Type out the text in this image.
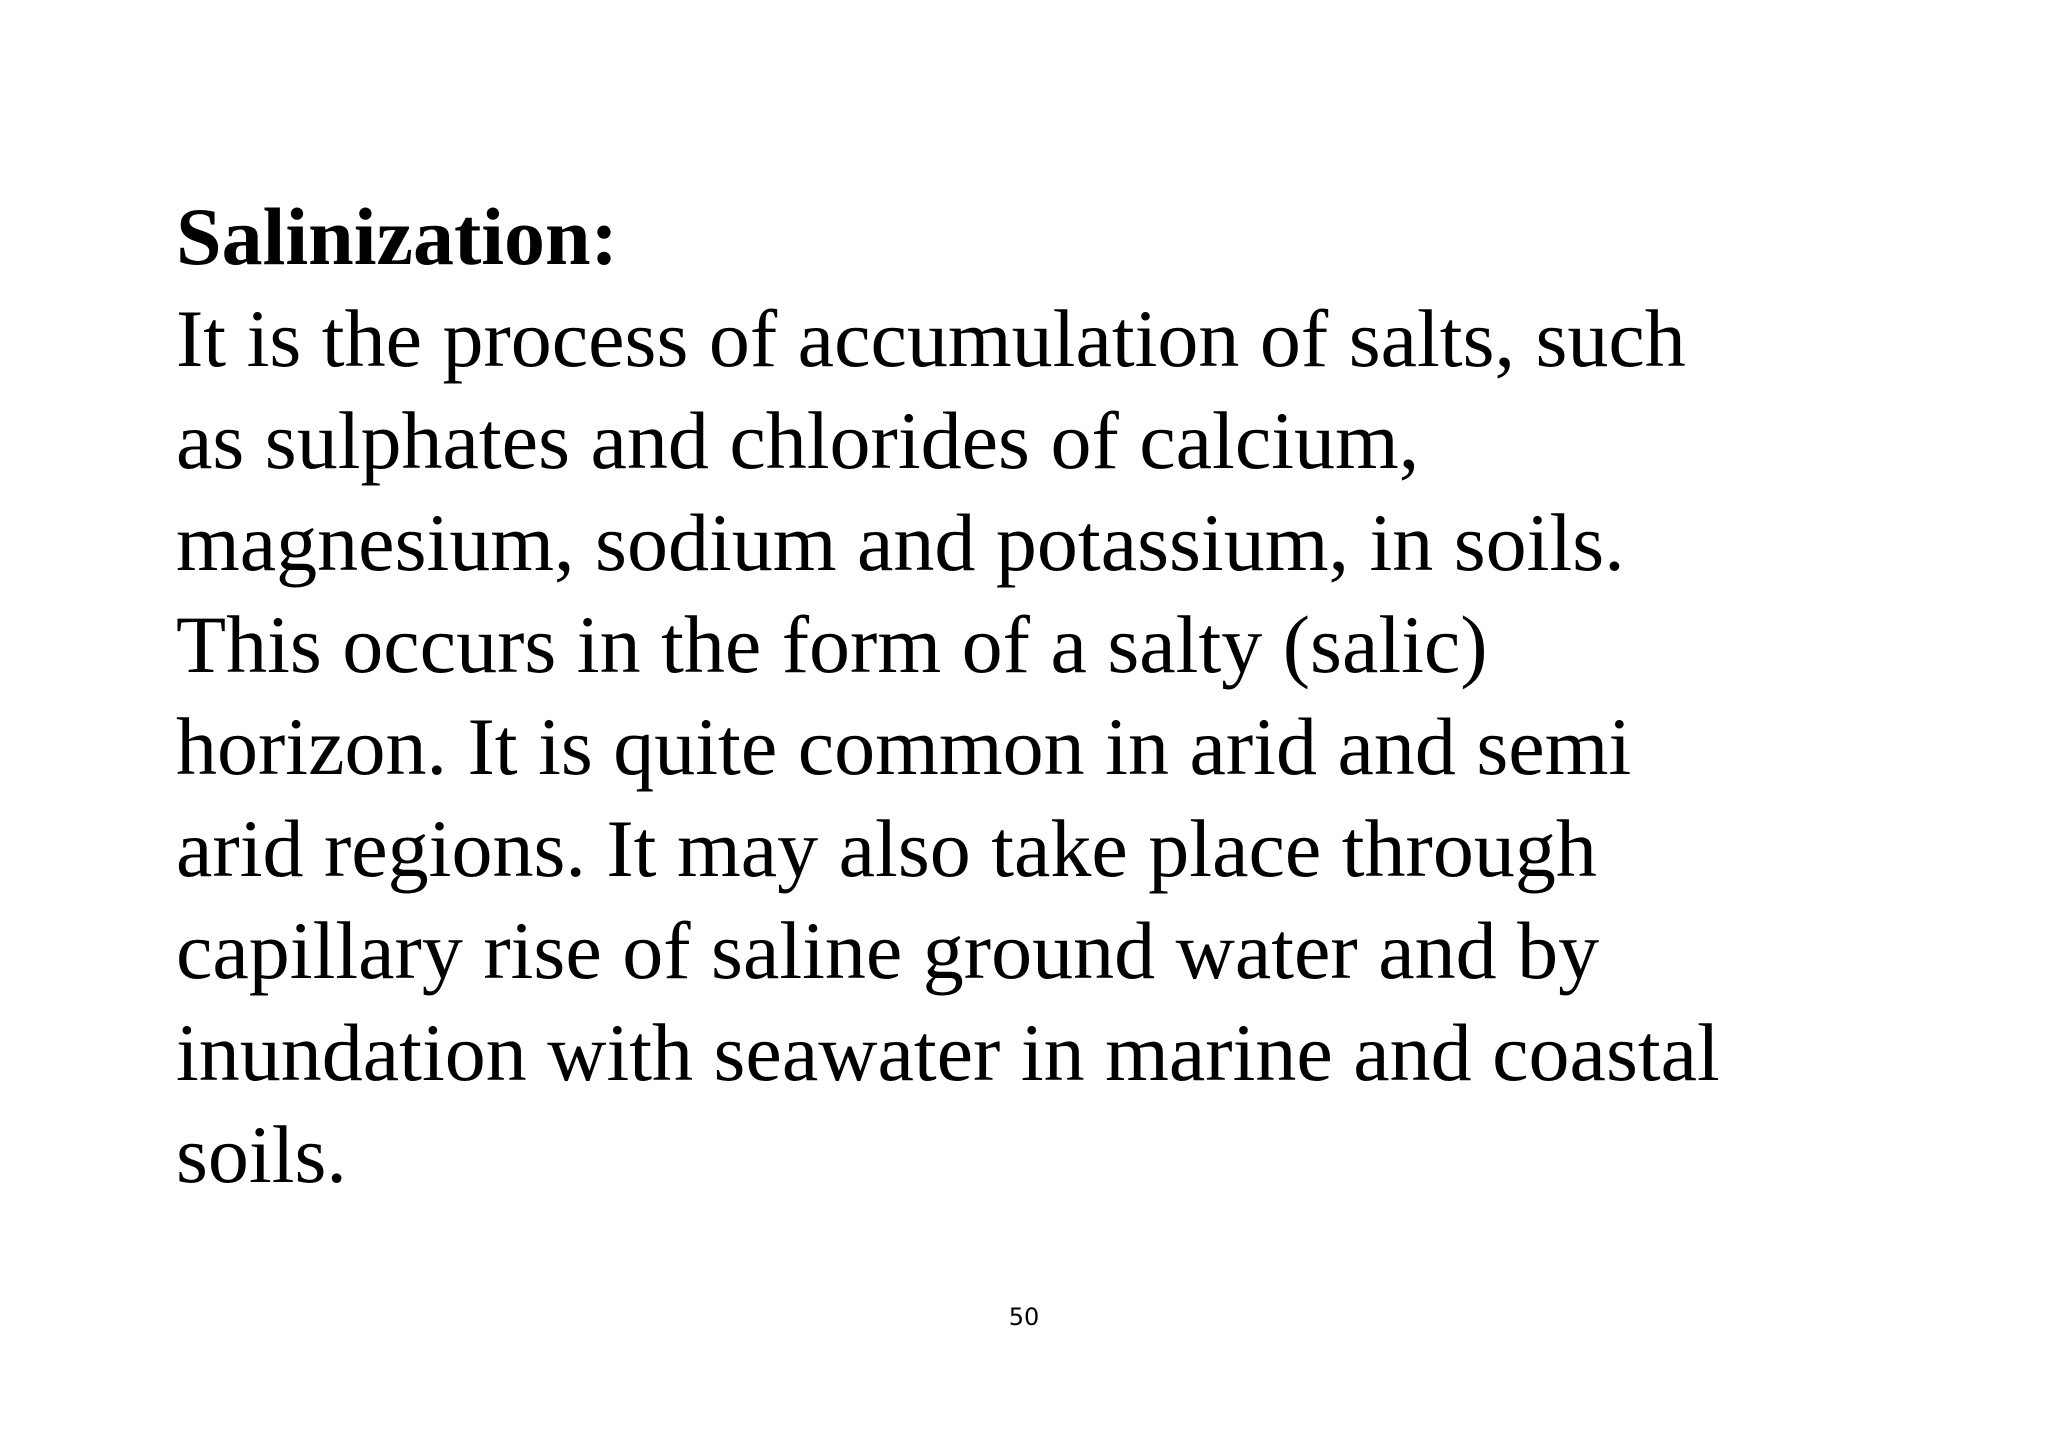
Salinization:
It is the process of accumulation of salts, such
as sulphates and chlorides of calcium,
magnesium, sodium and potassium, in soils.
This occurs in the form of a salty (salic)
horizon. It is quite common in arid and semi
arid regions. It may also take place through
capillary rise of saline ground water and by
inundation with seawater in marine and coastal
soils.
50
